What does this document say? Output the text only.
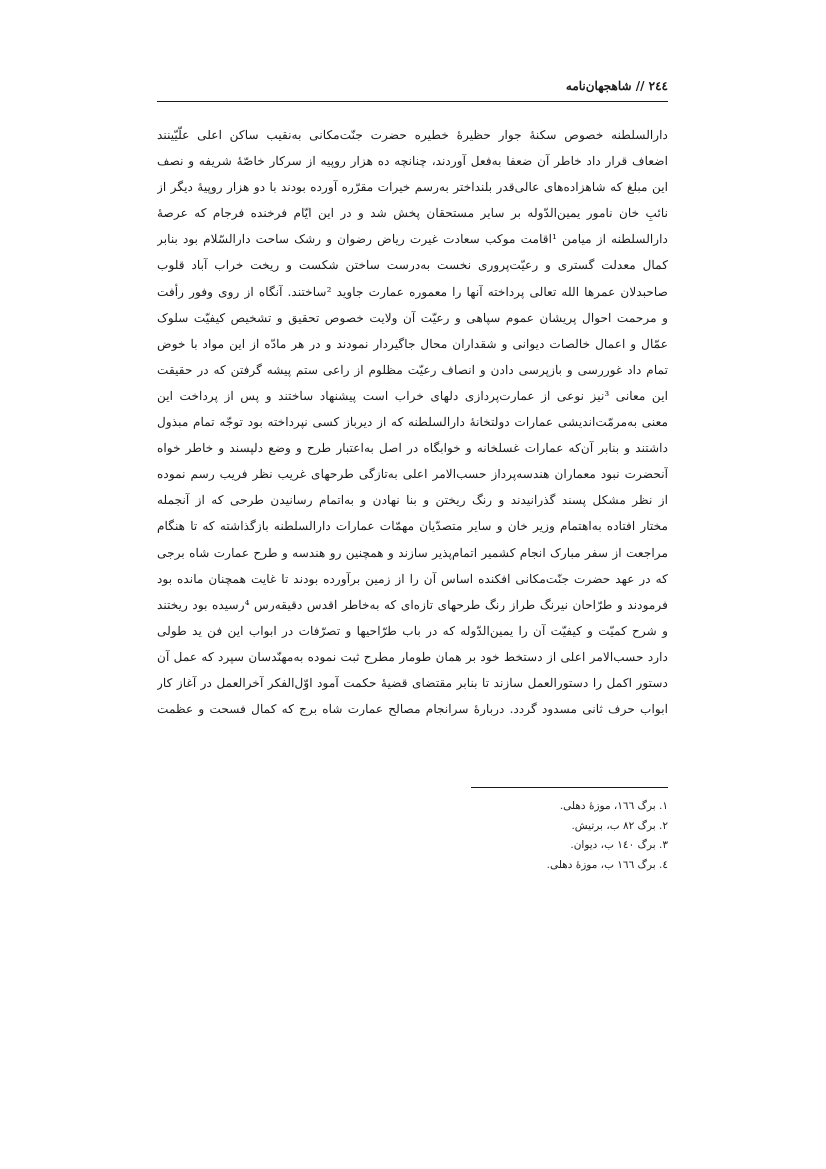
٢٤٤ // شاهجهان‌نامه
دارالسلطنه خصوص سکنهٔ جوار حظیرهٔ خطیره حضرت جنّت‌مکانی به‌نقیب ساکن اعلی علّیّینند
اضعاف قرار داد خاطر آن ضعفا به‌فعل آوردند، چنانچه ده هزار روپیه از سرکار خاصّهٔ شریفه و نصف
این مبلغ که شاهزاده‌های عالی‌قدر بلنداختر به‌رسم خیرات مقرّره آورده بودند با دو هزار روپیهٔ دیگر از
نائبِ خان نامور یمین‌الدّوله بر سایر مستحقان پخش شد و در این ایّام فرخنده فرجام که عرصهٔ
دارالسلطنه از میامن ¹اقامت موکب سعادت غیرت ریاض رضوان و رشک ساحت دارالسّلام بود بنابر
کمال معدلت گستری و رعیّت‌پروری نخست به‌درست ساختن شکست و ریخت خراب آباد قلوب
صاحبدلان عمرها الله تعالی پرداخته آنها را معموره عمارت جاوید ²ساختند. آنگاه از روی وفور رأفت
و مرحمت احوال پریشان عموم سپاهی و رعیّت آن ولایت خصوص تحقیق و تشخیص کیفیّت سلوک
عمّال و اعمال خالصات دیوانی و شقداران محال جاگیردار نمودند و در هر مادّه از این مواد با خوض
تمام داد غوررسی و بازپرسی دادن و انصاف رعیّت مظلوم از راعی ستم پیشه گرفتن که در حقیقت
این معانی ³نیز نوعی از عمارت‌پردازی دلهای خراب است پیشنهاد ساختند و پس از پرداخت این
معنی به‌مرمّت‌اندیشی عمارات دولتخانهٔ دارالسلطنه که از دیرباز کسی نپرداخته بود توجّه تمام مبذول
داشتند و بنابر آن‌که عمارات غسلخانه و خوابگاه در اصل به‌اعتبار طرح و وضع دلپسند و خاطر خواه
آنحضرت نبود معماران هندسه‌پرداز حسب‌الامر اعلی به‌تازگی طرحهای غریب نظر فریب رسم نموده
از نظر مشکل پسند گذرانیدند و رنگ ریختن و بنا نهادن و به‌اتمام رسانیدن طرحی که از آنجمله
مختار افتاده به‌اهتمام وزیر خان و سایر متصدّیان مهمّات عمارات دارالسلطنه بازگذاشته که تا هنگام
مراجعت از سفر مبارک انجام کشمیر اتمام‌پذیر سازند و همچنین رو هندسه و طرح عمارت شاه برجی
که در عهد حضرت جنّت‌مکانی افکنده اساس آن را از زمین برآورده بودند تا غایت همچنان مانده بود
فرمودند و طرّاحان نیرنگ طراز رنگ طرحهای تازه‌ای که به‌خاطر اقدس دقیقه‌رس ⁴رسیده بود ریختند
و شرح کمیّت و کیفیّت آن را یمین‌الدّوله که در باب طرّاحیها و تصرّفات در ابواب این فن ید طولی
دارد حسب‌الامر اعلی از دستخط خود بر همان طومار مطرح ثبت نموده به‌مهنّدسان سپرد که عمل آن
دستور اکمل را دستورالعمل سازند تا بنابر مقتضای قضیهٔ حکمت آمود اوّل‌الفکر آخرالعمل در آغاز کار
ابواب حرف ثانی مسدود گردد. دربارهٔ سرانجام مصالح عمارت شاه برج که کمال فسحت و عظمت
١. برگ ١٦٦، موزهٔ دهلی.
٢. برگ ٨٢ ب، برتیش.
٣. برگ ١٤٠ ب، دیوان.
٤. برگ ١٦٦ ب، موزهٔ دهلی.
